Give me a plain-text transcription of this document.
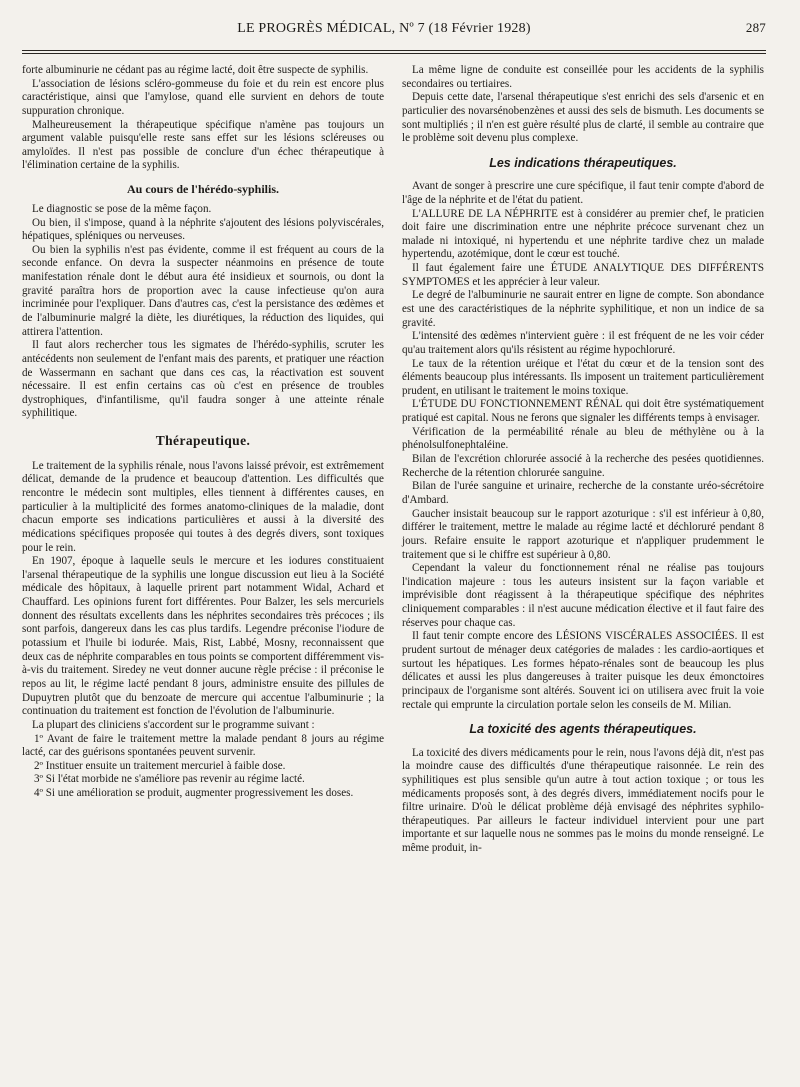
LE PROGRÈS MÉDICAL, Nº 7 (18 Février 1928)	287

forte albuminurie ne cédant pas au régime lacté, doit être suspecte de syphilis.

L'association de lésions scléro-gommeuse du foie et du rein est encore plus caractéristique, ainsi que l'amylose, quand elle survient en dehors de toute suppuration chronique.

Malheureusement la thérapeutique spécifique n'amène pas toujours un argument valable puisqu'elle reste sans effet sur les lésions scléreuses ou amyloïdes. Il n'est pas possible de conclure d'un échec thérapeutique à l'élimination certaine de la syphilis.

Au cours de l'hérédo-syphilis.

Le diagnostic se pose de la même façon.

Ou bien, il s'impose, quand à la néphrite s'ajoutent des lésions polyviscérales, hépatiques, spléniques ou nerveuses.

Ou bien la syphilis n'est pas évidente, comme il est fréquent au cours de la seconde enfance. On devra la suspecter néanmoins en présence de toute manifestation rénale dont le début aura été insidieux et sournois, ou dont la gravité paraîtra hors de proportion avec la cause infectieuse qu'on aura incriminée pour l'expliquer. Dans d'autres cas, c'est la persistance des œdèmes et de l'albuminurie malgré la diète, les diurétiques, la réduction des liquides, qui attirera l'attention.

Il faut alors rechercher tous les sigmates de l'hérédo-syphilis, scruter les antécédents non seulement de l'enfant mais des parents, et pratiquer une réaction de Wassermann en sachant que dans ces cas, la réactivation est souvent nécessaire. Il est enfin certains cas où c'est en présence de troubles dystrophiques, d'infantilisme, qu'il faudra songer à une atteinte rénale syphilitique.

Thérapeutique.

Le traitement de la syphilis rénale, nous l'avons laissé prévoir, est extrêmement délicat, demande de la prudence et beaucoup d'attention. Les difficultés que rencontre le médecin sont multiples, elles tiennent à différentes causes, en particulier à la multiplicité des formes anatomo-cliniques de la maladie, dont chacun emporte ses indications particulières et aussi à la diversité des médications spécifiques proposée qui toutes à des degrés divers, sont toxiques pour le rein.

En 1907, époque à laquelle seuls le mercure et les iodures constituaient l'arsenal thérapeutique de la syphilis une longue discussion eut lieu à la Société médicale des hôpitaux, à laquelle prirent part notamment Widal, Achard et Chauffard. Les opinions furent fort différentes. Pour Balzer, les sels mercuriels donnent des résultats excellents dans les néphrites secondaires très précoces ; ils sont parfois, dangereux dans les cas plus tardifs. Legendre préconise l'iodure de potassium et l'huile bi iodurée. Mais, Rist, Labbé, Mosny, reconnaissent que deux cas de néphrite comparables en tous points se comportent différemment vis-à-vis du traitement. Siredey ne veut donner aucune règle précise : il préconise le repos au lit, le régime lacté pendant 8 jours, administre ensuite des pillules de Dupuytren plutôt que du benzoate de mercure qui accentue l'albuminurie ; la continuation du traitement est fonction de l'évolution de l'albuminurie.

La plupart des cliniciens s'accordent sur le programme suivant :

1º Avant de faire le traitement mettre la malade pendant 8 jours au régime lacté, car des guérisons spontanées peuvent survenir.

2º Instituer ensuite un traitement mercuriel à faible dose.

3º Si l'état morbide ne s'améliore pas revenir au régime lacté.

4º Si une amélioration se produit, augmenter progressivement les doses.

La même ligne de conduite est conseillée pour les accidents de la syphilis secondaires ou tertiaires.

Depuis cette date, l'arsenal thérapeutique s'est enrichi des sels d'arsenic et en particulier des novarsénobenzènes et aussi des sels de bismuth. Les documents se sont multipliés ; il n'en est guère résulté plus de clarté, il semble au contraire que le problème soit devenu plus complexe.

Les indications thérapeutiques.

Avant de songer à prescrire une cure spécifique, il faut tenir compte d'abord de l'âge de la néphrite et de l'état du patient.

L'ALLURE DE LA NÉPHRITE est à considérer au premier chef, le praticien doit faire une discrimination entre une néphrite précoce survenant chez un malade ni intoxiqué, ni hypertendu et une néphrite tardive chez un malade hypertendu, azotémique, dont le cœur est touché.

Il faut également faire une ÉTUDE ANALYTIQUE DES DIFFÉRENTS SYMPTOMES et les apprécier à leur valeur.

Le degré de l'albuminurie ne saurait entrer en ligne de compte. Son abondance est une des caractéristiques de la néphrite syphilitique, et non un indice de sa gravité.

L'intensité des œdèmes n'intervient guère : il est fréquent de ne les voir céder qu'au traitement alors qu'ils résistent au régime hypochloruré.

Le taux de la rétention uréique et l'état du cœur et de la tension sont des éléments beaucoup plus intéressants. Ils imposent un traitement particulièrement prudent, en utilisant le traitement le moins toxique.

L'ÉTUDE DU FONCTIONNEMENT RÉNAL qui doit être systématiquement pratiqué est capital. Nous ne ferons que signaler les différents temps à envisager.

Vérification de la perméabilité rénale au bleu de méthylène ou à la phénolsulfonephtaléine.

Bilan de l'excrétion chlorurée associé à la recherche des pesées quotidiennes. Recherche de la rétention chlorurée sanguine.

Bilan de l'urée sanguine et urinaire, recherche de la constante uréo-sécrétoire d'Ambard.

Gaucher insistait beaucoup sur le rapport azoturique : s'il est inférieur à 0,80, différer le traitement, mettre le malade au régime lacté et déchloruré pendant 8 jours. Refaire ensuite le rapport azoturique et n'appliquer prudemment le traitement que si le chiffre est supérieur à 0,80.

Cependant la valeur du fonctionnement rénal ne réalise pas toujours l'indication majeure : tous les auteurs insistent sur la façon variable et imprévisible dont réagissent à la thérapeutique spécifique des néphrites cliniquement comparables : il n'est aucune médication élective et il faut faire des réserves pour chaque cas.

Il faut tenir compte encore des LÉSIONS VISCÉRALES ASSOCIÉES. Il est prudent surtout de ménager deux catégories de malades : les cardio-aortiques et surtout les hépatiques. Les formes hépato-rénales sont de beaucoup les plus délicates et aussi les plus dangereuses à traiter puisque les deux émonctoires principaux de l'organisme sont altérés. Souvent ici on utilisera avec fruit la voie rectale qui emprunte la circulation portale selon les conseils de M. Milian.

La toxicité des agents thérapeutiques.

La toxicité des divers médicaments pour le rein, nous l'avons déjà dit, n'est pas la moindre cause des difficultés d'une thérapeutique raisonnée. Le rein des syphilitiques est plus sensible qu'un autre à tout action toxique ; or tous les médicaments proposés sont, à des degrés divers, immédiatement nocifs pour le filtre urinaire. D'où le délicat problème déjà envisagé des néphrites syphilo-thérapeutiques. Par ailleurs le facteur individuel intervient pour une part importante et sur laquelle nous ne sommes pas le moins du monde renseigné. Le même produit, in-
